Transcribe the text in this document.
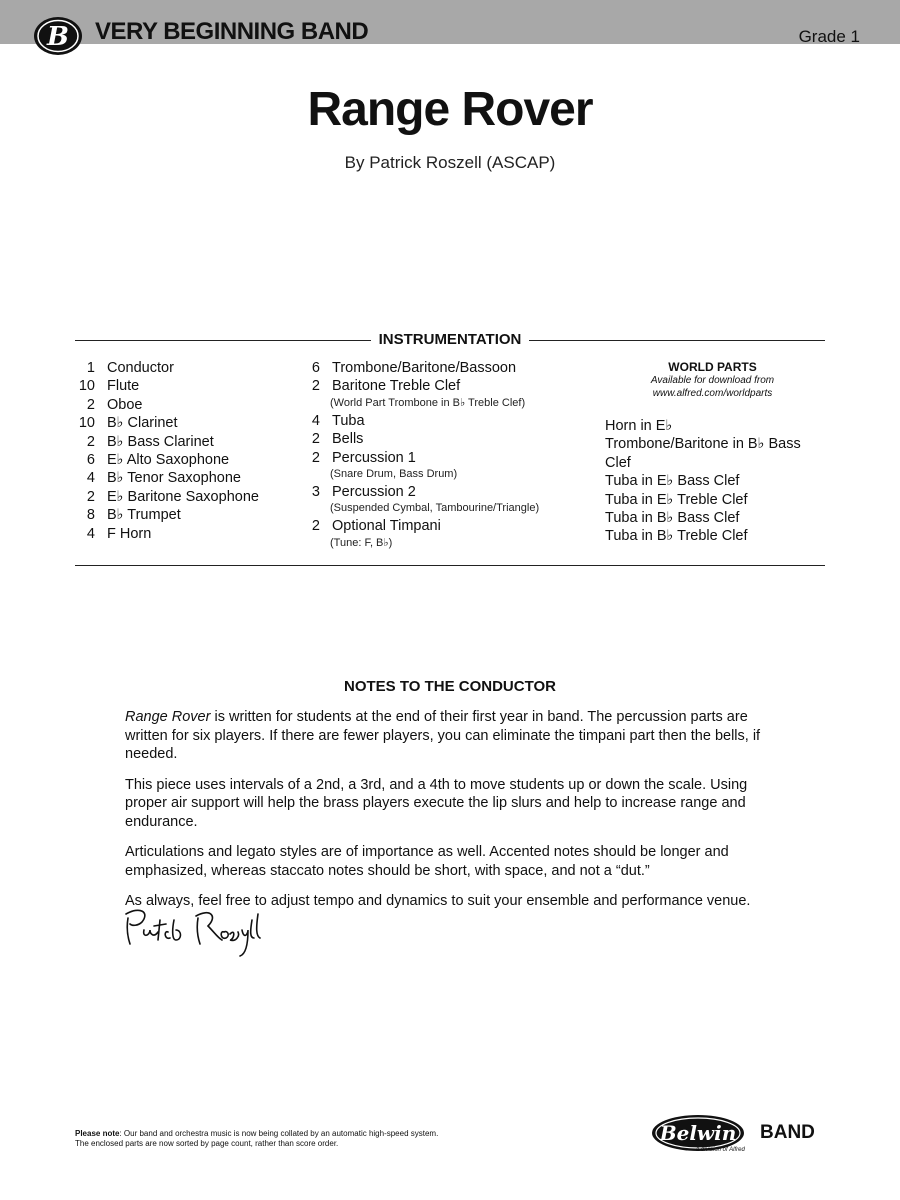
B VERY BEGINNING BAND	Grade 1
Range Rover
By Patrick Roszell (ASCAP)
INSTRUMENTATION
1 Conductor
10 Flute
2 Oboe
10 B♭ Clarinet
2 B♭ Bass Clarinet
6 E♭ Alto Saxophone
4 B♭ Tenor Saxophone
2 E♭ Baritone Saxophone
8 B♭ Trumpet
4 F Horn
6 Trombone/Baritone/Bassoon
2 Baritone Treble Clef
(World Part Trombone in B♭ Treble Clef)
4 Tuba
2 Bells
2 Percussion 1
(Snare Drum, Bass Drum)
3 Percussion 2
(Suspended Cymbal, Tambourine/Triangle)
2 Optional Timpani
(Tune: F, B♭)
WORLD PARTS
Available for download from
www.alfred.com/worldparts
Horn in E♭
Trombone/Baritone in B♭ Bass Clef
Tuba in E♭ Bass Clef
Tuba in E♭ Treble Clef
Tuba in B♭ Bass Clef
Tuba in B♭ Treble Clef
NOTES TO THE CONDUCTOR

Range Rover is written for students at the end of their first year in band. The percussion parts are written for six players. If there are fewer players, you can eliminate the timpani part then the bells, if needed.

This piece uses intervals of a 2nd, a 3rd, and a 4th to move students up or down the scale. Using proper air support will help the brass players execute the lip slurs and help to increase range and endurance.

Articulations and legato styles are of importance as well. Accented notes should be longer and emphasized, whereas staccato notes should be short, with space, and not a “dut.”

As always, feel free to adjust tempo and dynamics to suit your ensemble and performance venue.

Please note: Our band and orchestra music is now being collated by an automatic high-speed system.
The enclosed parts are now sorted by page count, rather than score order.	Belwin BAND
a division of Alfred
